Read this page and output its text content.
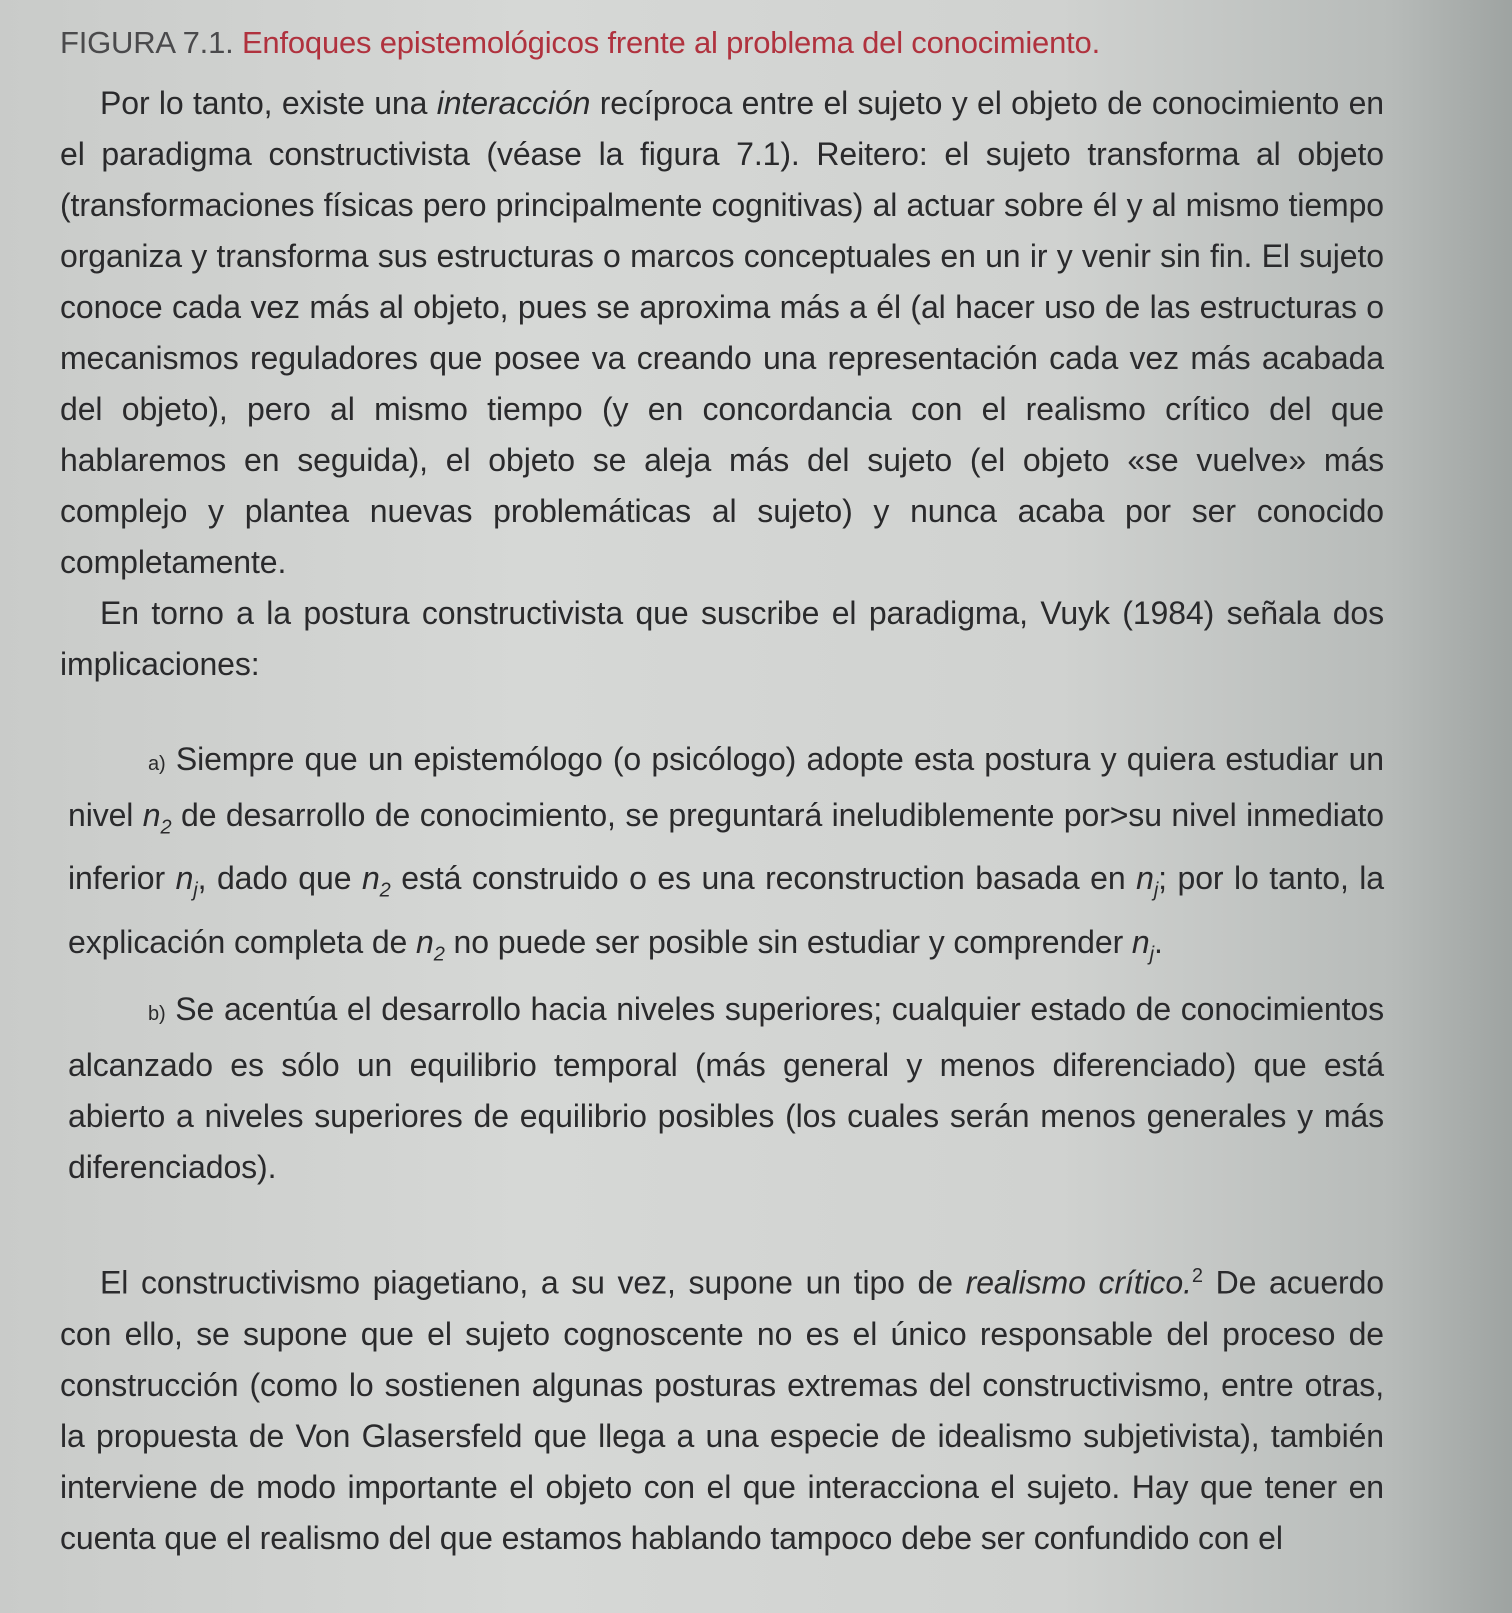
FIGURA 7.1. Enfoques epistemológicos frente al problema del conocimiento.

Por lo tanto, existe una interacción recíproca entre el sujeto y el objeto de conocimiento en el paradigma constructivista (véase la figura 7.1). Reitero: el sujeto transforma al objeto (transformaciones físicas pero principalmente cognitivas) al actuar sobre él y al mismo tiempo organiza y transforma sus estructuras o marcos conceptuales en un ir y venir sin fin. El sujeto conoce cada vez más al objeto, pues se aproxima más a él (al hacer uso de las estructuras o mecanismos reguladores que posee va creando una representación cada vez más acabada del objeto), pero al mismo tiempo (y en concordancia con el realismo crítico del que hablaremos en seguida), el objeto se aleja más del sujeto (el objeto «se vuelve» más complejo y plantea nuevas problemáticas al sujeto) y nunca acaba por ser conocido completamente.

En torno a la postura constructivista que suscribe el paradigma, Vuyk (1984) señala dos implicaciones:

a) Siempre que un epistemólogo (o psicólogo) adopte esta postura y quiera estudiar un nivel $n_2$ de desarrollo de conocimiento, se preguntará ineludiblemente por>su nivel inmediato inferior $n_j$, dado que $n_2$ está construido o es una reconstruction basada en $n_j$; por lo tanto, la explicación completa de $n_2$ no puede ser posible sin estudiar y comprender $n_j$.

b) Se acentúa el desarrollo hacia niveles superiores; cualquier estado de conocimientos alcanzado es sólo un equilibrio temporal (más general y menos diferenciado) que está abierto a niveles superiores de equilibrio posibles (los cuales serán menos generales y más diferenciados).

El constructivismo piagetiano, a su vez, supone un tipo de realismo crítico.$^2$ De acuerdo con ello, se supone que el sujeto cognoscente no es el único responsable del proceso de construcción (como lo sostienen algunas posturas extremas del constructivismo, entre otras, la propuesta de Von Glasersfeld que llega a una especie de idealismo subjetivista), también interviene de modo importante el objeto con el que interacciona el sujeto. Hay que tener en cuenta que el realismo del que estamos hablando tampoco debe ser confundido con el
